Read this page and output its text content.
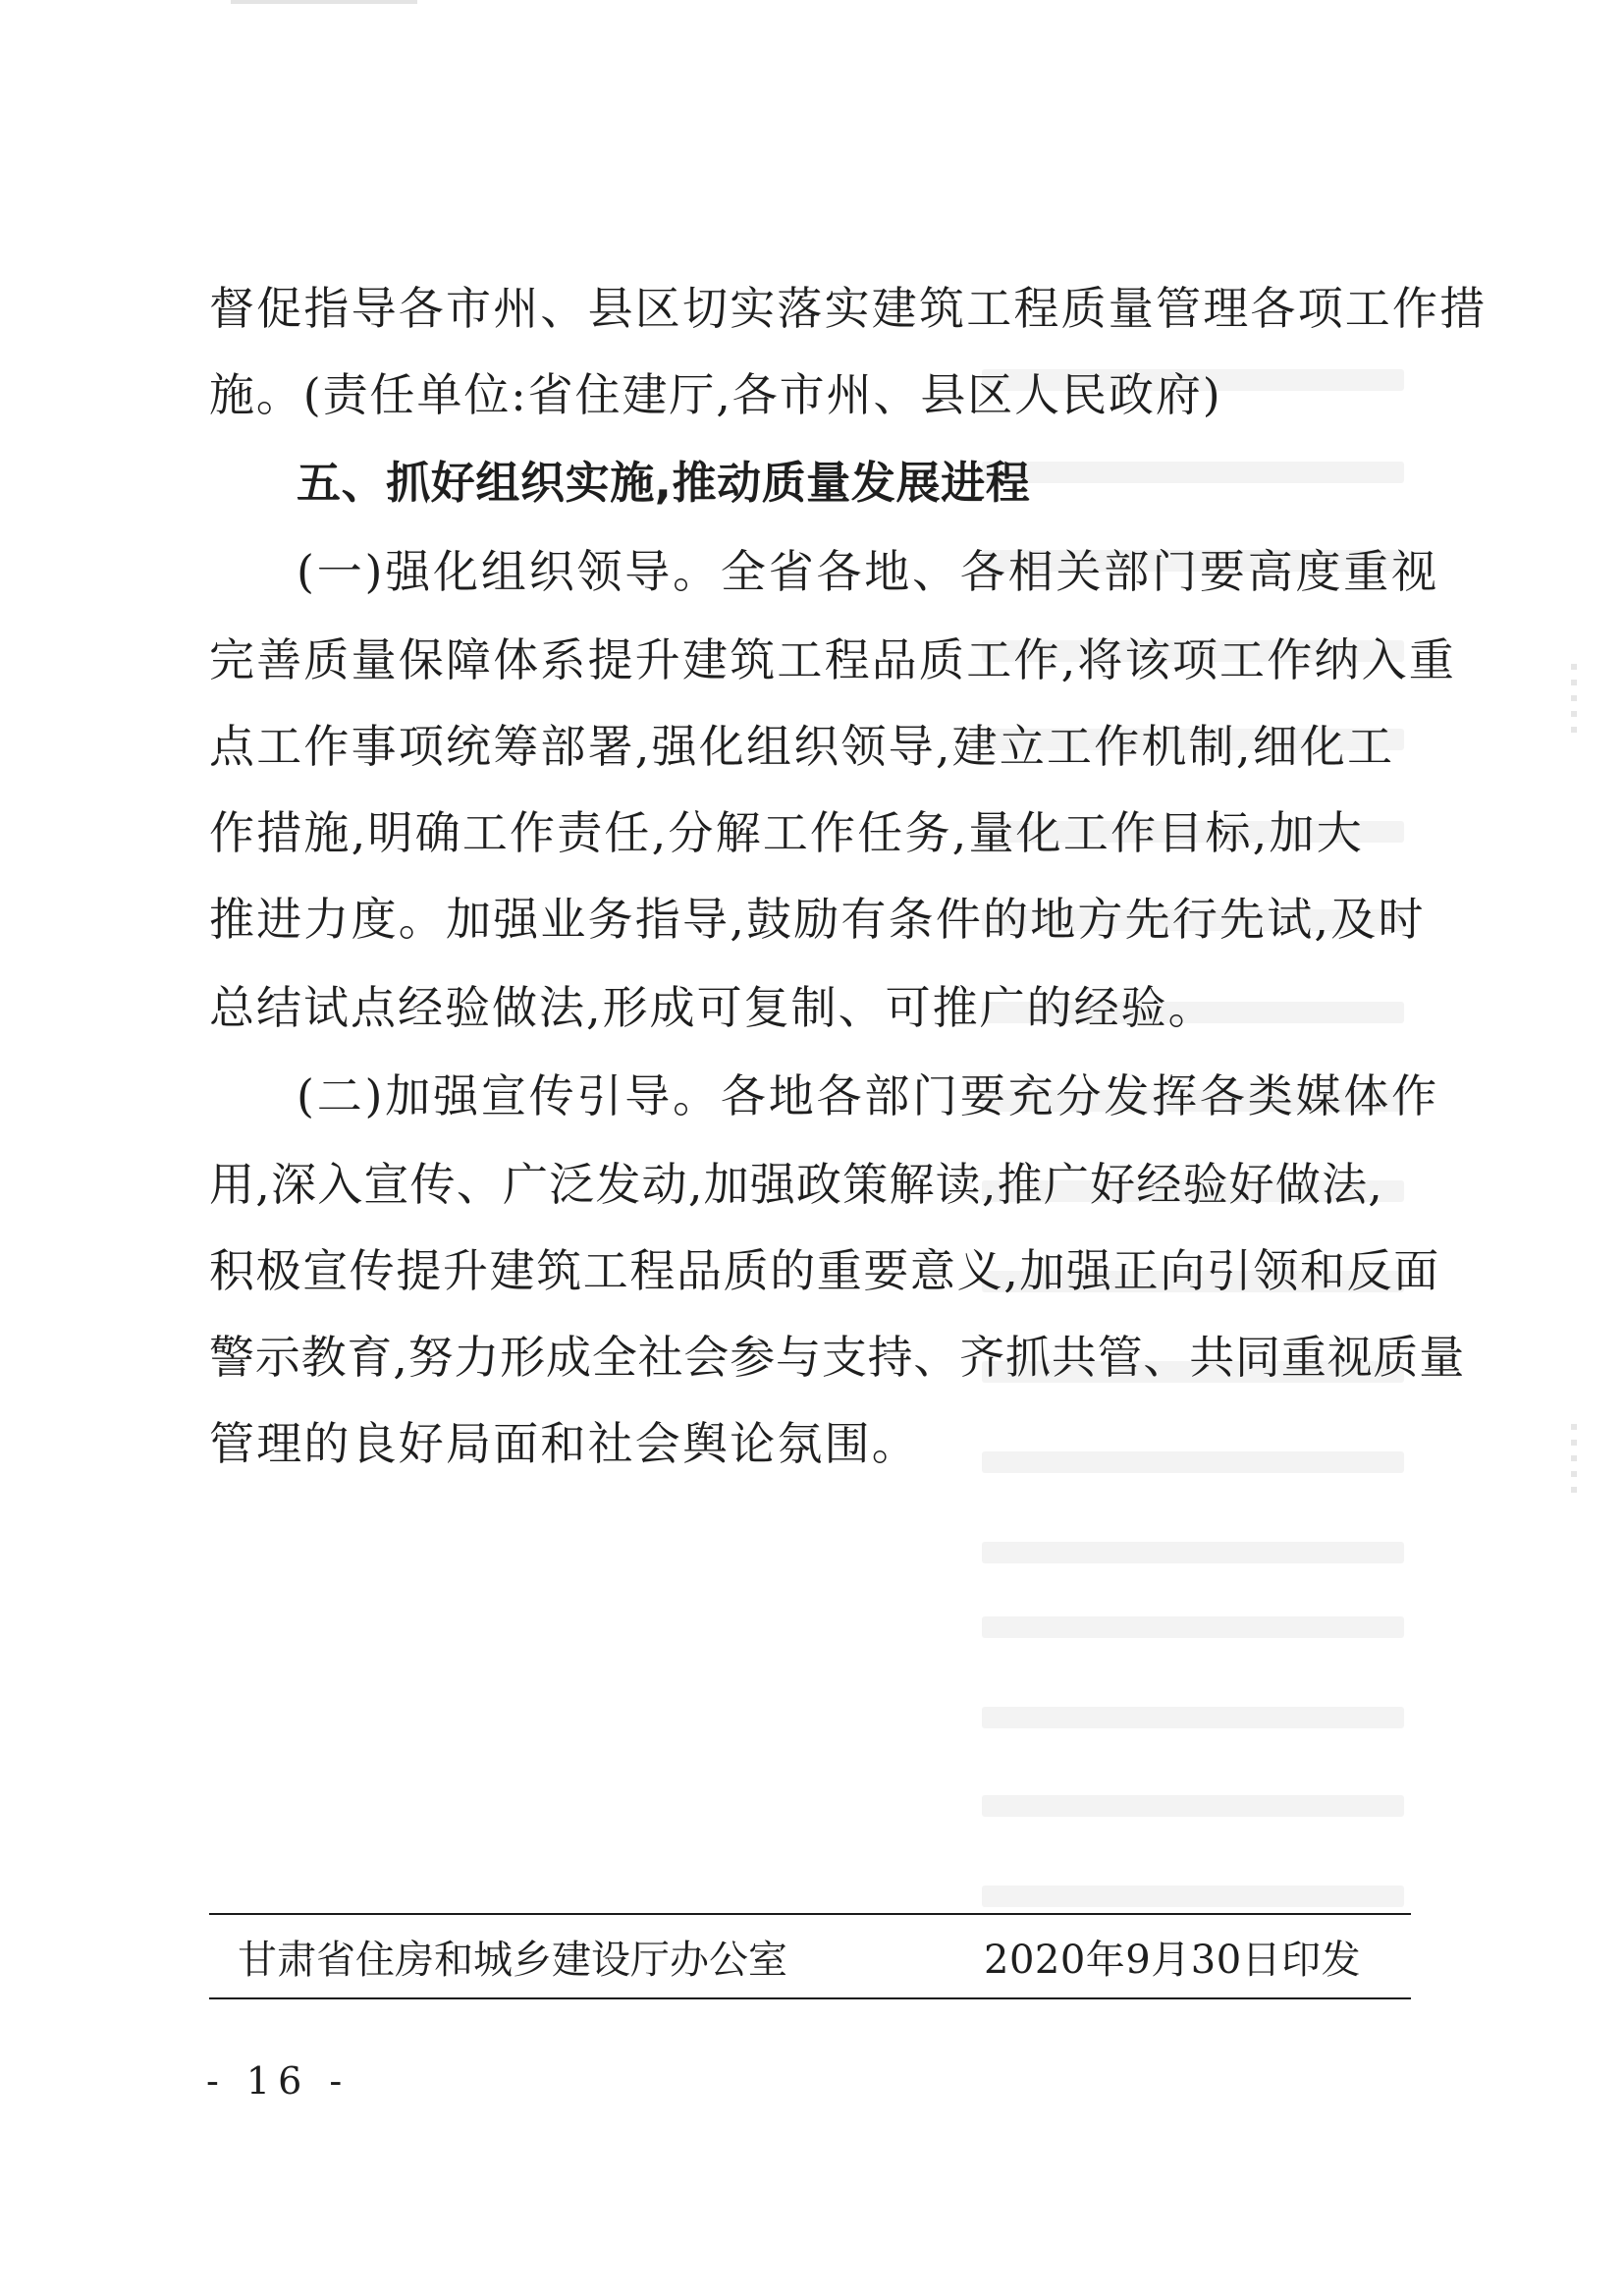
督促指导各市州、县区切实落实建筑工程质量管理各项工作措
施。(责任单位:省住建厅,各市州、县区人民政府)
五、抓好组织实施,推动质量发展进程
(一)强化组织领导。全省各地、各相关部门要高度重视
完善质量保障体系提升建筑工程品质工作,将该项工作纳入重
点工作事项统筹部署,强化组织领导,建立工作机制,细化工
作措施,明确工作责任,分解工作任务,量化工作目标,加大
推进力度。加强业务指导,鼓励有条件的地方先行先试,及时
总结试点经验做法,形成可复制、可推广的经验。
(二)加强宣传引导。各地各部门要充分发挥各类媒体作
用,深入宣传、广泛发动,加强政策解读,推广好经验好做法,
积极宣传提升建筑工程品质的重要意义,加强正向引领和反面
警示教育,努力形成全社会参与支持、齐抓共管、共同重视质量
管理的良好局面和社会舆论氛围。
甘肃省住房和城乡建设厅办公室	2020年9月30日印发
- 16 -
